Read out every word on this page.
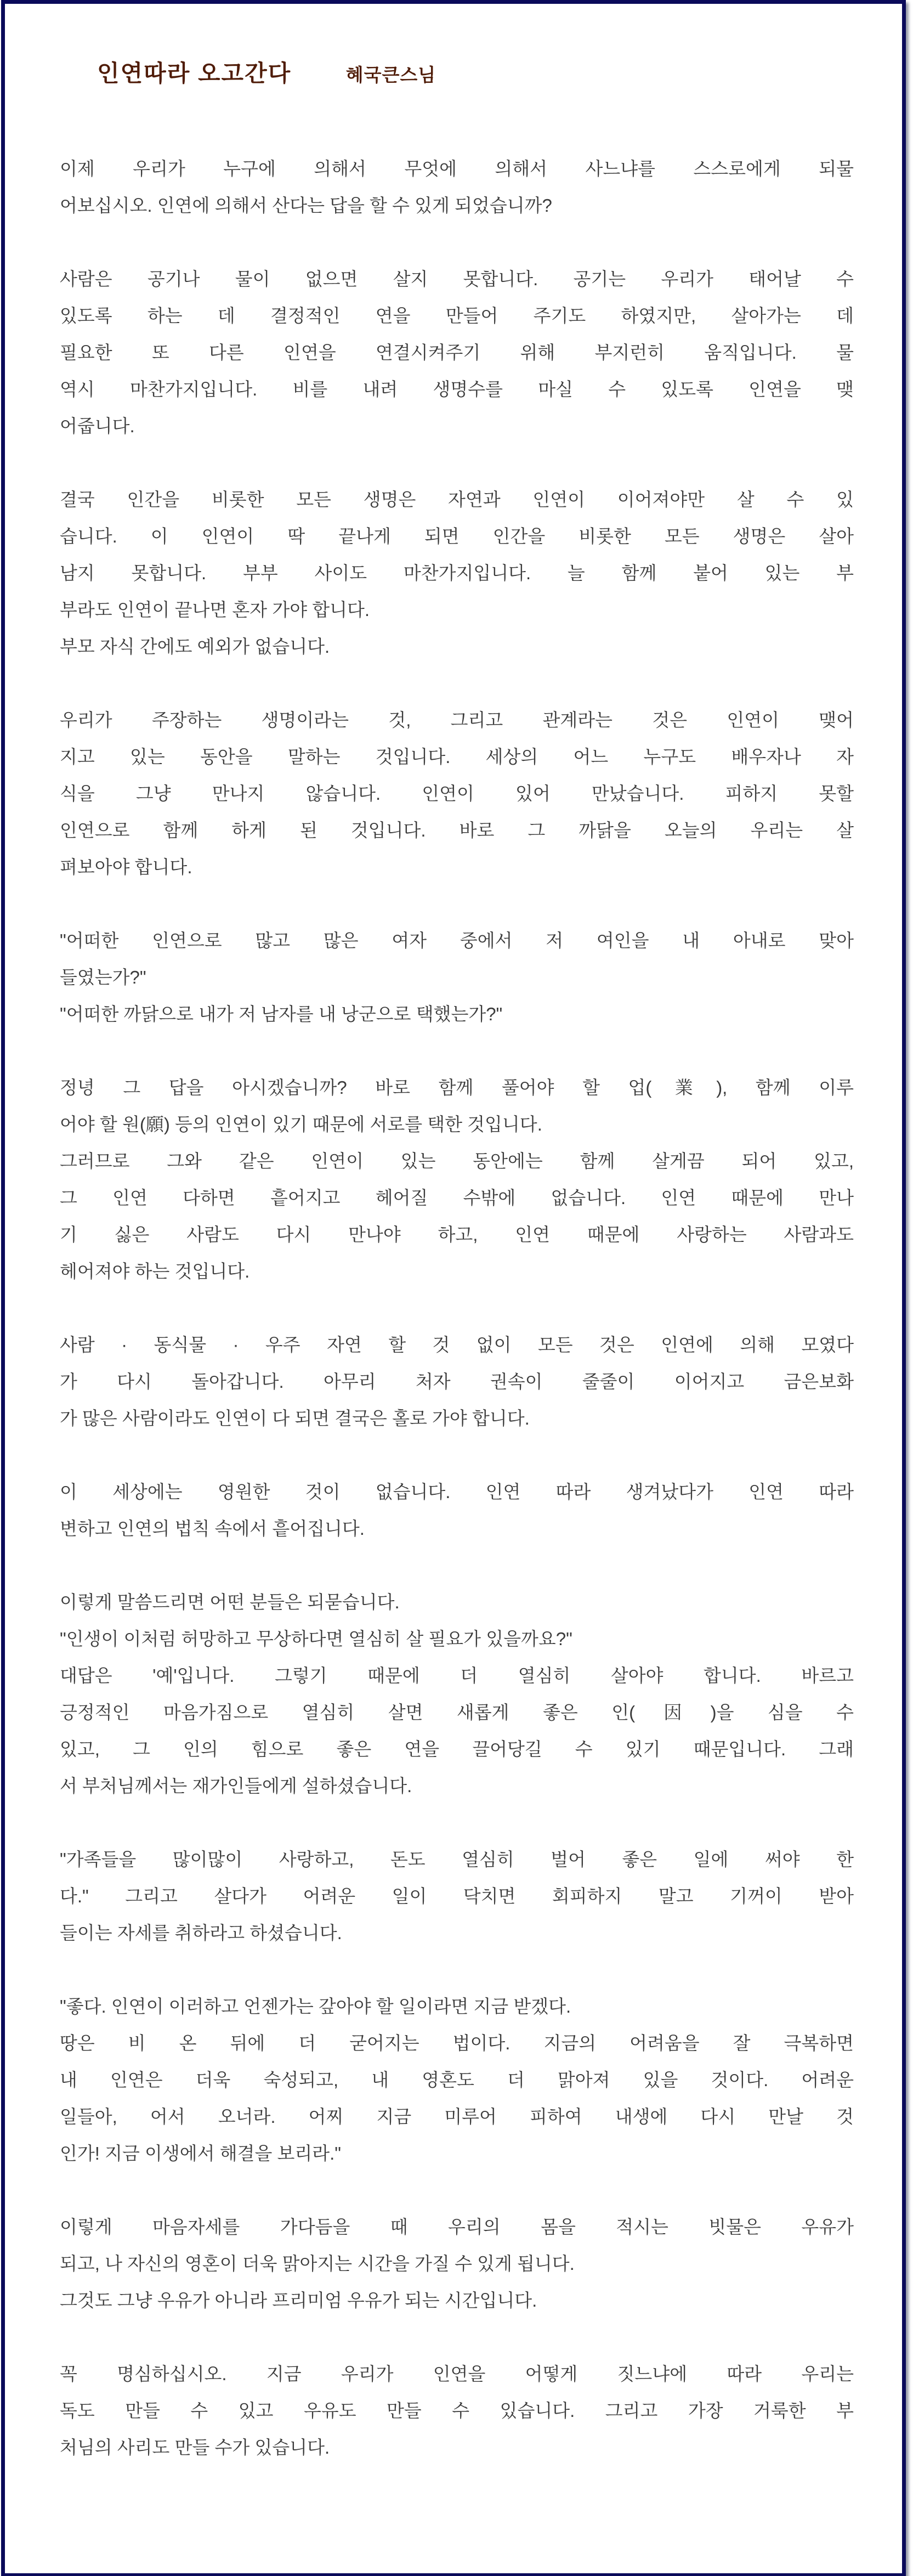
인연따라 오고간다	혜국큰스님
이제 우리가 누구에 의해서 무엇에 의해서 사느냐를 스스로에게 되물
어보십시오. 인연에 의해서 산다는 답을 할 수 있게 되었습니까?
사람은 공기나 물이 없으면 살지 못합니다. 공기는 우리가 태어날 수
있도록 하는 데 결정적인 연을 만들어 주기도 하였지만, 살아가는 데
필요한 또 다른 인연을 연결시켜주기 위해 부지런히 움직입니다. 물
역시 마찬가지입니다. 비를 내려 생명수를 마실 수 있도록 인연을 맺
어줍니다.
결국 인간을 비롯한 모든 생명은 자연과 인연이 이어져야만 살 수 있
습니다. 이 인연이 딱 끝나게 되면 인간을 비롯한 모든 생명은 살아
남지 못합니다. 부부 사이도 마찬가지입니다. 늘 함께 붙어 있는 부
부라도 인연이 끝나면 혼자 가야 합니다.
부모 자식 간에도 예외가 없습니다.
우리가 주장하는 생명이라는 것, 그리고 관계라는 것은 인연이 맺어
지고 있는 동안을 말하는 것입니다. 세상의 어느 누구도 배우자나 자
식을 그냥 만나지 않습니다. 인연이 있어 만났습니다. 피하지 못할
인연으로 함께 하게 된 것입니다. 바로 그 까닭을 오늘의 우리는 살
펴보아야 합니다.
"어떠한 인연으로 많고 많은 여자 중에서 저 여인을 내 아내로 맞아
들였는가?"
"어떠한 까닭으로 내가 저 남자를 내 낭군으로 택했는가?"
정녕 그 답을 아시겠습니까? 바로 함께 풀어야 할 업(業), 함께 이루
어야 할 원(願) 등의 인연이 있기 때문에 서로를 택한 것입니다.
그러므로 그와 같은 인연이 있는 동안에는 함께 살게끔 되어 있고,
그 인연 다하면 흩어지고 헤어질 수밖에 없습니다. 인연 때문에 만나
기 싫은 사람도 다시 만나야 하고, 인연 때문에 사랑하는 사람과도
헤어져야 하는 것입니다.
사람 · 동식물 · 우주 자연 할 것 없이 모든 것은 인연에 의해 모였다
가 다시 돌아갑니다. 아무리 처자 권속이 줄줄이 이어지고 금은보화
가 많은 사람이라도 인연이 다 되면 결국은 홀로 가야 합니다.
이 세상에는 영원한 것이 없습니다. 인연 따라 생겨났다가 인연 따라
변하고 인연의 법칙 속에서 흩어집니다.
이렇게 말씀드리면 어떤 분들은 되묻습니다.
"인생이 이처럼 허망하고 무상하다면 열심히 살 필요가 있을까요?"
대답은 '예'입니다. 그렇기 때문에 더 열심히 살아야 합니다. 바르고
긍정적인 마음가짐으로 열심히 살면 새롭게 좋은 인(因)을 심을 수
있고, 그 인의 힘으로 좋은 연을 끌어당길 수 있기 때문입니다. 그래
서 부처님께서는 재가인들에게 설하셨습니다.
"가족들을 많이많이 사랑하고, 돈도 열심히 벌어 좋은 일에 써야 한
다." 그리고 살다가 어려운 일이 닥치면 회피하지 말고 기꺼이 받아
들이는 자세를 취하라고 하셨습니다.
"좋다. 인연이 이러하고 언젠가는 갚아야 할 일이라면 지금 받겠다.
땅은 비 온 뒤에 더 굳어지는 법이다. 지금의 어려움을 잘 극복하면
내 인연은 더욱 숙성되고, 내 영혼도 더 맑아져 있을 것이다. 어려운
일들아, 어서 오너라. 어찌 지금 미루어 피하여 내생에 다시 만날 것
인가! 지금 이생에서 해결을 보리라."
이렇게 마음자세를 가다듬을 때 우리의 몸을 적시는 빗물은 우유가
되고, 나 자신의 영혼이 더욱 맑아지는 시간을 가질 수 있게 됩니다.
그것도 그냥 우유가 아니라 프리미엄 우유가 되는 시간입니다.
꼭 명심하십시오. 지금 우리가 인연을 어떻게 짓느냐에 따라 우리는
독도 만들 수 있고 우유도 만들 수 있습니다. 그리고 가장 거룩한 부
처님의 사리도 만들 수가 있습니다.
